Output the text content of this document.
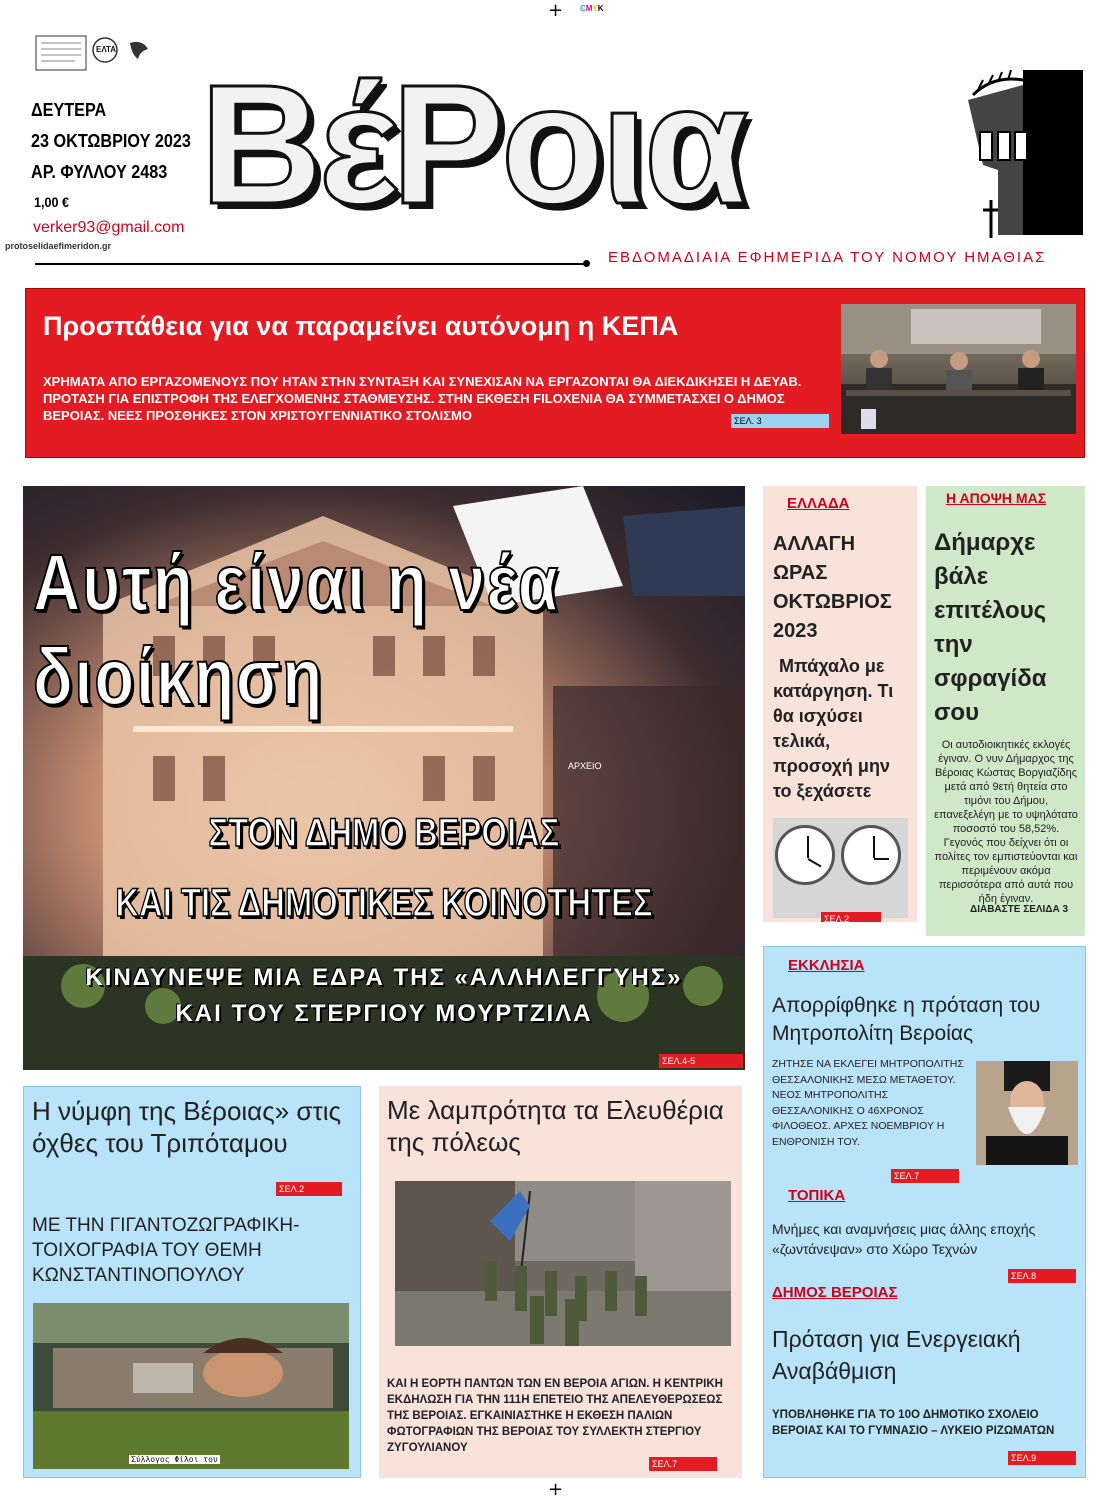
+ CMYK
+
ΕΛΤΑ
ΔΕΥΤΕΡΑ
23 ΟΚΤΩΒΡΙΟΥ 2023
ΑΡ. ΦΥΛΛΟΥ 2483
1,00 €
verker93@gmail.com
protoselidaefimeridon.gr
ΒέΡοια
ΕΒΔΟΜΑΔΙΑΙΑ ΕΦΗΜΕΡΙΔΑ ΤΟΥ ΝΟΜΟΥ ΗΜΑΘΙΑΣ
Προσπάθεια για να παραμείνει αυτόνομη η ΚΕΠΑ
ΧΡΗΜΑΤΑ ΑΠΟ ΕΡΓΑΖΟΜΕΝΟΥΣ ΠΟΥ ΗΤΑΝ ΣΤΗΝ ΣΥΝΤΑΞΗ ΚΑΙ ΣΥΝΕΧΙΣΑΝ ΝΑ ΕΡΓΑΖΟΝΤΑΙ ΘΑ ΔΙΕΚΔΙΚΗΣΕΙ Η ΔΕΥΑΒ. ΠΡΟΤΑΣΗ ΓΙΑ ΕΠΙΣΤΡΟΦΗ ΤΗΣ ΕΛΕΓΧΟΜΕΝΗΣ ΣΤΑΘΜΕΥΣΗΣ. ΣΤΗΝ ΕΚΘΕΣΗ FILOXENIA ΘΑ ΣΥΜΜΕΤΑΣΧΕΙ Ο ΔΗΜΟΣ ΒΕΡΟΙΑΣ. ΝΕΕΣ ΠΡΟΣΘΗΚΕΣ ΣΤΟΝ ΧΡΙΣΤΟΥΓΕΝΝΙΑΤΙΚΟ ΣΤΟΛΙΣΜΟ	ΣΕΛ. 3
ΑΡΧΕΙΟ
Αυτή είναι η νέα διοίκηση
ΣΤΟΝ ΔΗΜΟ ΒΕΡΟΙΑΣ
ΚΑΙ ΤΙΣ ΔΗΜΟΤΙΚΕΣ ΚΟΙΝΟΤΗΤΕΣ
ΚΙΝΔΥΝΕΨΕ ΜΙΑ ΕΔΡΑ ΤΗΣ «ΑΛΛΗΛΕΓΓΥΗΣ»
ΚΑΙ ΤΟΥ ΣΤΕΡΓΙΟΥ ΜΟΥΡΤΖΙΛΑ
ΣΕΛ.4-5
ΕΛΛΑΔΑ
ΑΛΛΑΓΗ ΩΡΑΣ ΟΚΤΩΒΡΙΟΣ 2023
Μπάχαλο με κατάργηση. Τι θα ισχύσει τελικά, προσοχή μην το ξεχάσετε
ΣΕΛ.2
Η ΑΠΟΨΗ ΜΑΣ
Δήμαρχε βάλε επιτέλους την σφραγίδα σου
Οι αυτοδιοικητικές εκλογές έγιναν. Ο νυν Δήμαρχος της Βέροιας Κώστας Βοργιαζίδης μετά από 9ετή θητεία στο τιμόνι του Δήμου, επανεξελέγη με το υψηλότατο ποσοστό του 58,52%. Γεγονός που δείχνει ότι οι πολίτες τον εμπιστεύονται και περιμένουν ακόμα περισσότερα από αυτά που ήδη έγιναν.
ΔΙΑΒΑΣΤΕ ΣΕΛΙΔΑ 3
ΕΚΚΛΗΣΙΑ
Απορρίφθηκε η πρόταση του Μητροπολίτη Βεροίας
ΖΗΤΗΣΕ ΝΑ ΕΚΛΕΓΕΙ ΜΗΤΡΟΠΟΛΙΤΗΣ ΘΕΣΣΑΛΟΝΙΚΗΣ ΜΕΣΩ ΜΕΤΑΘΕΤΟΥ. ΝΕΟΣ ΜΗΤΡΟΠΟΛΙΤΗΣ ΘΕΣΣΑΛΟΝΙΚΗΣ Ο 46ΧΡΟΝΟΣ ΦΙΛΟΘΕΟΣ. ΑΡΧΕΣ ΝΟΕΜΒΡΙΟΥ Η ΕΝΘΡΟΝΙΣΗ ΤΟΥ.
ΣΕΛ.7
ΤΟΠΙΚΑ
Μνήμες και αναμνήσεις μιας άλλης εποχής «ζωντάνεψαν» στο Χώρο Τεχνών
ΣΕΛ.8
ΔΗΜΟΣ ΒΕΡΟΙΑΣ
Πρόταση για Ενεργειακή Αναβάθμιση
ΥΠΟΒΛΗΘΗΚΕ ΓΙΑ ΤΟ 10Ο ΔΗΜΟΤΙΚΟ ΣΧΟΛΕΙΟ ΒΕΡΟΙΑΣ ΚΑΙ ΤΟ ΓΥΜΝΑΣΙΟ – ΛΥΚΕΙΟ ΡΙΖΩΜΑΤΩΝ
ΣΕΛ.9
Η νύμφη της Βέροιας» στις όχθες του Τριπόταμου
ΣΕΛ.2
ΜΕ ΤΗΝ ΓΙΓΑΝΤΟΖΩΓΡΑΦΙΚΗ-ΤΟΙΧΟΓΡΑΦΙΑ ΤΟΥ ΘΕΜΗ ΚΩΝΣΤΑΝΤΙΝΟΠΟΥΛΟΥ
Σύλλογος Φίλοι του
Με λαμπρότητα τα Ελευθέρια της πόλεως
ΚΑΙ Η ΕΟΡΤΗ ΠΑΝΤΩΝ ΤΩΝ ΕΝ ΒΕΡΟΙΑ ΑΓΙΩΝ. Η ΚΕΝΤΡΙΚΗ ΕΚΔΗΛΩΣΗ ΓΙΑ ΤΗΝ 111Η ΕΠΕΤΕΙΟ ΤΗΣ ΑΠΕΛΕΥΘΕΡΩΣΕΩΣ ΤΗΣ ΒΕΡΟΙΑΣ. ΕΓΚΑΙΝΙΑΣΤΗΚΕ Η ΕΚΘΕΣΗ ΠΑΛΙΩΝ ΦΩΤΟΓΡΑΦΙΩΝ ΤΗΣ ΒΕΡΟΙΑΣ ΤΟΥ ΣΥΛΛΕΚΤΗ ΣΤΕΡΓΙΟΥ ΖΥΓΟΥΛΙΑΝΟΥ
ΣΕΛ.7
